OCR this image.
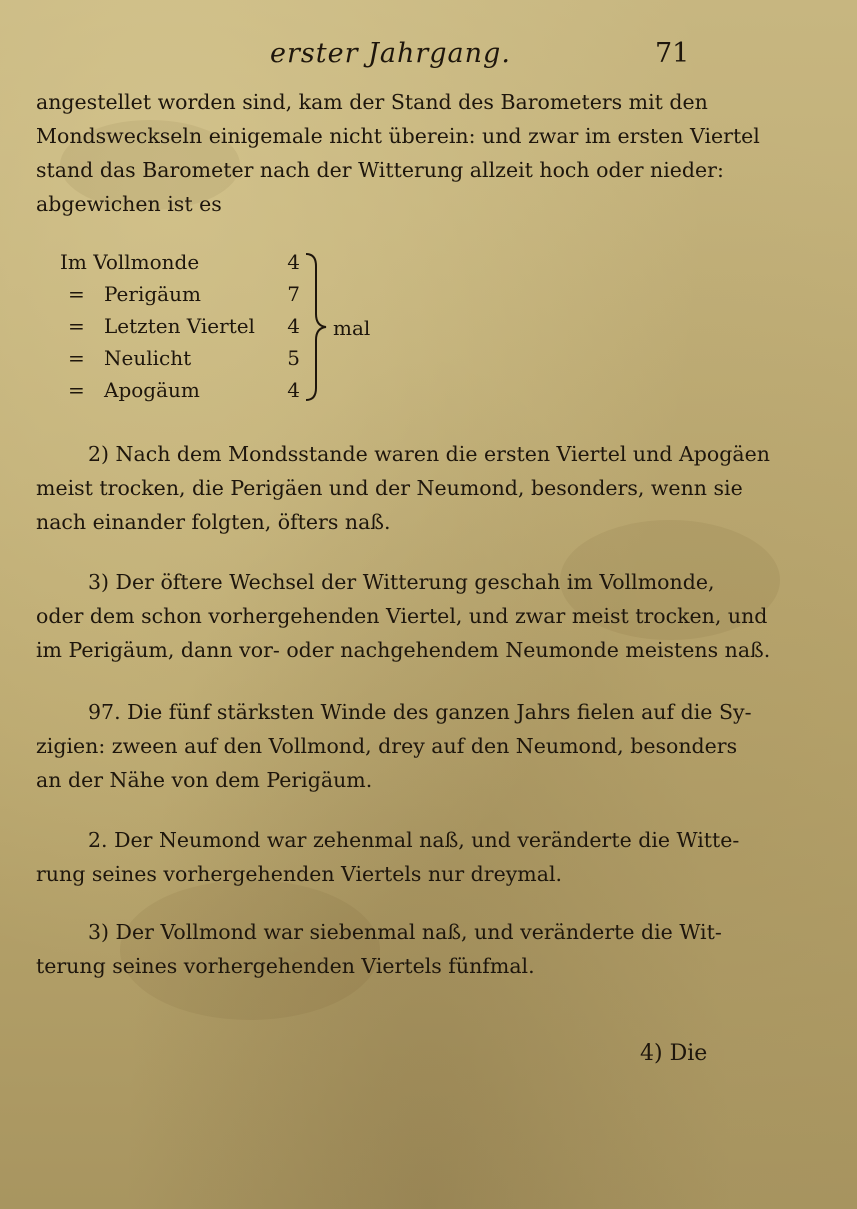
erster Jahrgang.	71
angestellet worden sind, kam der Stand des Barometers mit den
Mondsweckseln einigemale nicht überein: und zwar im ersten Viertel
stand das Barometer nach der Witterung allzeit hoch oder nieder:
abgewichen ist es
Im Vollmonde	4
= Perigäum	7
= Letzten Viertel	4
= Neulicht	5
= Apogäum	4
mal
2) Nach dem Mondsstande waren die ersten Viertel und Apogäen
meist trocken, die Perigäen und der Neumond, besonders, wenn sie
nach einander folgten, öfters naß.
3) Der öftere Wechsel der Witterung geschah im Vollmonde,
oder dem schon vorhergehenden Viertel, und zwar meist trocken, und
im Perigäum, dann vor- oder nachgehendem Neumonde meistens naß.
97. Die fünf stärksten Winde des ganzen Jahrs fielen auf die Sy-
zigien: zween auf den Vollmond, drey auf den Neumond, besonders
an der Nähe von dem Perigäum.
2. Der Neumond war zehenmal naß, und veränderte die Witte-
rung seines vorhergehenden Viertels nur dreymal.
3) Der Vollmond war siebenmal naß, und veränderte die Wit-
terung seines vorhergehenden Viertels fünfmal.
4) Die
